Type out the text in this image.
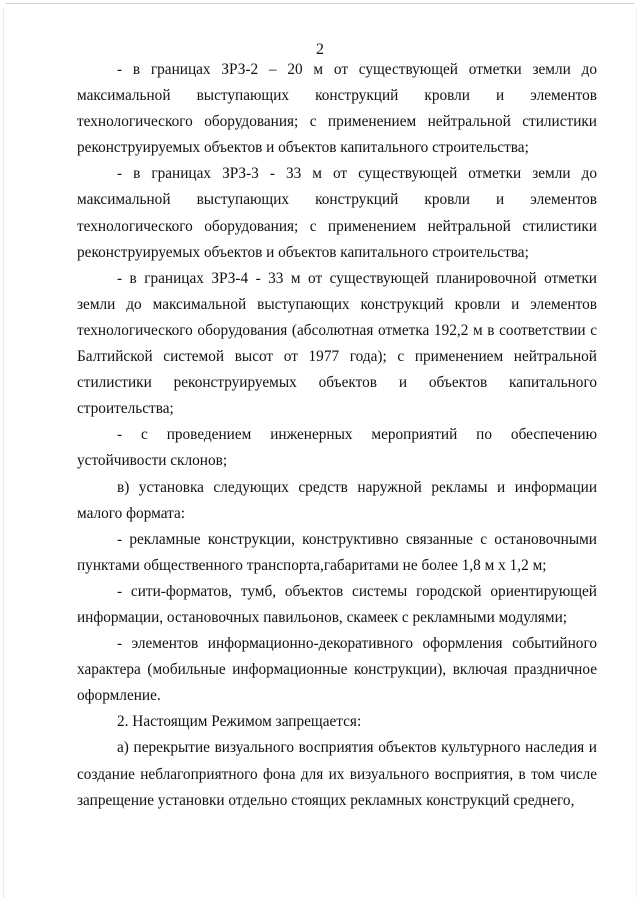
2

- в границах ЗРЗ-2 – 20 м от существующей отметки земли до максимальной выступающих конструкций кровли и элементов технологического оборудования; с применением нейтральной стилистики реконструируемых объектов и объектов капитального строительства;

- в границах ЗРЗ-3 - 33 м от существующей отметки земли до максимальной выступающих конструкций кровли и элементов технологического оборудования; с применением нейтральной стилистики реконструируемых объектов и объектов капитального строительства;

- в границах ЗРЗ-4 - 33 м от существующей планировочной отметки земли до максимальной выступающих конструкций кровли и элементов технологического оборудования (абсолютная отметка 192,2 м в соответствии с Балтийской системой высот от 1977 года); с применением нейтральной стилистики реконструируемых объектов и объектов капитального строительства;

- с проведением инженерных мероприятий по обеспечению устойчивости склонов;

в) установка следующих средств наружной рекламы и информации малого формата:

- рекламные конструкции, конструктивно связанные с остановочными пунктами общественного транспорта,габаритами не более 1,8 м х 1,2 м;

- сити-форматов, тумб, объектов системы городской ориентирующей информации, остановочных павильонов, скамеек с рекламными модулями;

- элементов информационно-декоративного оформления событийного характера (мобильные информационные конструкции), включая праздничное оформление.

2. Настоящим Режимом запрещается:

а) перекрытие визуального восприятия объектов культурного наследия и создание неблагоприятного фона для их визуального восприятия, в том числе запрещение установки отдельно стоящих рекламных конструкций среднего,
